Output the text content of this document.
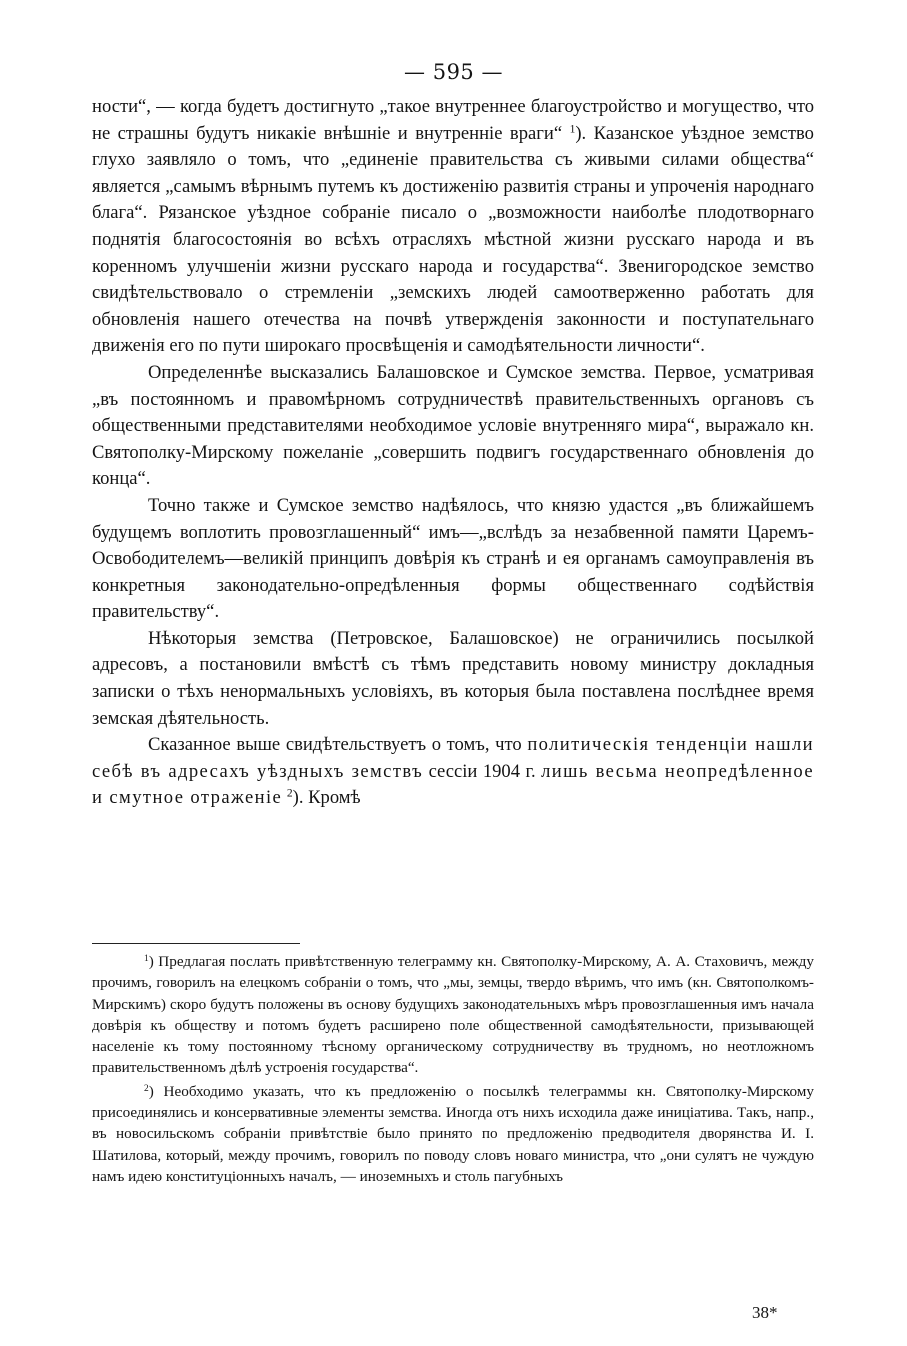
— 595 —

ности“, — когда будетъ достигнуто „такое внутреннее благоустройство и могущество, что не страшны будутъ никакіе внѣшніе и внутренніе враги“ $^1$). Казанское уѣздное земство глухо заявляло о томъ, что „единеніе правительства съ живыми силами общества“ является „самымъ вѣрнымъ путемъ къ достиженію развитія страны и упроченія народнаго блага“. Рязанское уѣздное собраніе писало о „возможности наиболѣе плодотворнаго поднятія благосостоянія во всѣхъ отрасляхъ мѣстной жизни русскаго народа и въ коренномъ улучшеніи жизни русскаго народа и государства“. Звенигородское земство свидѣтельствовало о стремленіи „земскихъ людей самоотверженно работать для обновленія нашего отечества на почвѣ утвержденія законности и поступательнаго движенія его по пути широкаго просвѣщенія и самодѣятельности личности“.

Определеннѣе высказались Балашовское и Сумское земства. Первое, усматривая „въ постоянномъ и правомѣрномъ сотрудничествѣ правительственныхъ органовъ съ общественными представителями необходимое условіе внутренняго мира“, выражало кн. Святополку-Мирскому пожеланіе „совершить подвигъ государственнаго обновленія до конца“.

Точно также и Сумское земство надѣялось, что князю удастся „въ ближайшемъ будущемъ воплотить провозглашенный“ имъ—„вслѣдъ за незабвенной памяти Царемъ-Освободителемъ—великій принципъ довѣрія къ странѣ и ея органамъ самоуправленія въ конкретныя законодательно-опредѣленныя формы общественнаго содѣйствія правительству“.

Нѣкоторыя земства (Петровское, Балашовское) не ограничились посылкой адресовъ, а постановили вмѣстѣ съ тѣмъ представить новому министру докладныя записки о тѣхъ ненормальныхъ условіяхъ, въ которыя была поставлена послѣднее время земская дѣятельность.

Сказанное выше свидѣтельствуетъ о томъ, что политическія тенденціи нашли себѣ въ адресахъ уѣздныхъ земствъ сессіи 1904 г. лишь весьма неопредѣленное и смутное отраженіе $^2$). Кромѣ

$^1$) Предлагая послать привѣтственную телеграмму кн. Святополку-Мирскому, А. А. Стаховичъ, между прочимъ, говорилъ на елецкомъ собраніи о томъ, что „мы, земцы, твердо вѣримъ, что имъ (кн. Святополкомъ-Мирскимъ) скоро будутъ положены въ основу будущихъ законодательныхъ мѣръ провозглашенныя имъ начала довѣрія къ обществу и потомъ будетъ расширено поле общественной самодѣятельности, призывающей населеніе къ тому постоянному тѣсному органическому сотрудничеству въ трудномъ, но неотложномъ правительственномъ дѣлѣ устроенія государства“.

$^2$) Необходимо указать, что къ предложенію о посылкѣ телеграммы кн. Святополку-Мирскому присоединялись и консервативные элементы земства. Иногда отъ нихъ исходила даже иниціатива. Такъ, напр., въ новосильскомъ собраніи привѣтствіе было принято по предложенію предводителя дворянства И. І. Шатилова, который, между прочимъ, говорилъ по поводу словъ новаго министра, что „они сулятъ не чуждую намъ идею конституціонныхъ началъ, — иноземныхъ и столь пагубныхъ

38*
